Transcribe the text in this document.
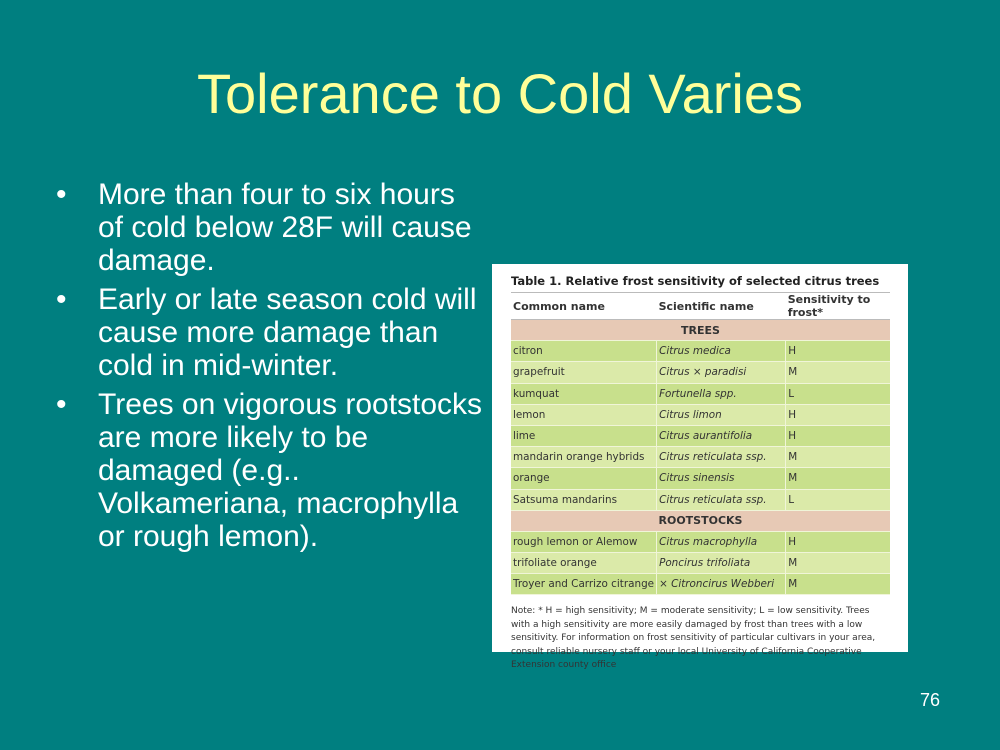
Tolerance to Cold Varies
• More than four to six hours of cold below 28F will cause damage.
• Early or late season cold will cause more damage than cold in mid-winter.
• Trees on vigorous rootstocks are more likely to be damaged (e.g.. Volkameriana, macrophylla or rough lemon).
Table 1. Relative frost sensitivity of selected citrus trees
Common name	Scientific name	Sensitivity to frost*
TREES		
citron	Citrus medica	H
grapefruit	Citrus × paradisi	M
kumquat	Fortunella spp.	L
lemon	Citrus limon	H
lime	Citrus aurantifolia	H
mandarin orange hybrids	Citrus reticulata ssp.	M
orange	Citrus sinensis	M
Satsuma mandarins	Citrus reticulata ssp.	L
ROOTSTOCKS		
rough lemon or Alemow	Citrus macrophylla	H
trifoliate orange	Poncirus trifoliata	M
Troyer and Carrizo citrange	× Citroncirus Webberi	M
Note: * H = high sensitivity; M = moderate sensitivity; L = low sensitivity. Trees with a high sensitivity are more easily damaged by frost than trees with a low sensitivity. For information on frost sensitivity of particular cultivars in your area, consult reliable nursery staff or your local University of California Cooperative Extension county office
76
